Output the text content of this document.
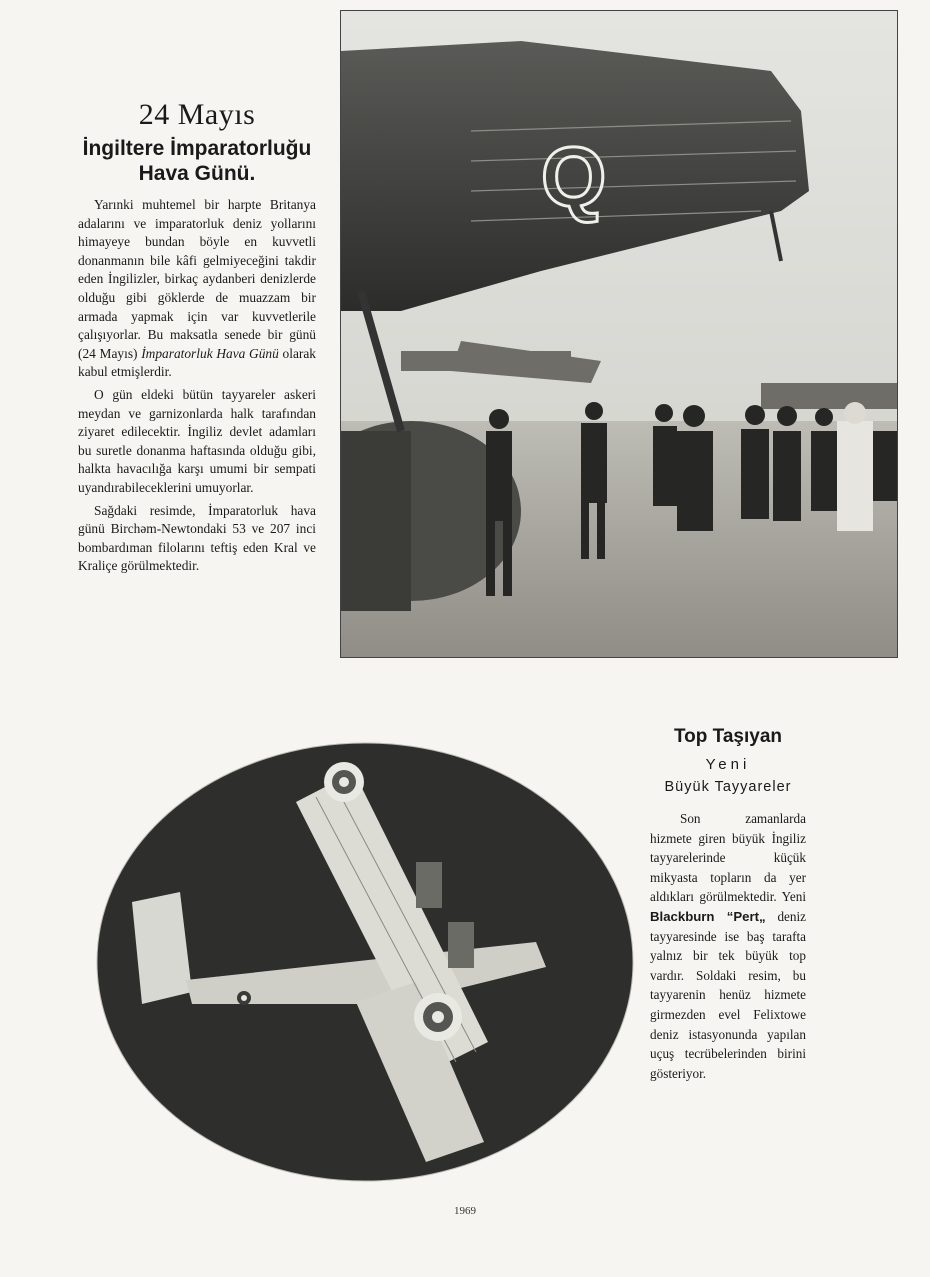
24 Mayıs
İngiltere İmparatorluğu Hava Günü.

Yarınki muhtemel bir harpte Britanya adalarını ve imparatorluk deniz yollarını himayeye bundan böyle en kuvvetli donanmanın bile kâfi gelmiyeceğini takdir eden İngilizler, birkaç aydanberi denizlerde olduğu gibi göklerde de muazzam bir armada yapmak için var kuvvetlerile çalışıyorlar. Bu maksatla senede bir günü (24 Mayıs) İmparatorluk Hava Günü olarak kabul etmişlerdir.

O gün eldeki bütün tayyareler askeri meydan ve garnizonlarda halk tarafından ziyaret edilecektir. İngiliz devlet adamları bu suretle donanma haftasında olduğu gibi, halkta havacılığa karşı umumi bir sempati uyandırabileceklerini umuyorlar.

Sağdaki resimde, İmparatorluk hava günü Birchəm-Newtondaki 53 ve 207 inci bombardıman filolarını teftiş eden Kral ve Kraliçe görülmektedir.

Q
Top Taşıyan
Yeni
Büyük Tayyareler

Son zamanlarda hizmete giren büyük İngiliz tayyarelerinde küçük mikyasta topların da yer aldıkları görülmektedir. Yeni Blackburn “Pert„ deniz tayyaresinde ise baş tarafta yalnız bir tek büyük top vardır. Soldaki resim, bu tayyarenin henüz hizmete girmezden evel Felixtowe deniz istasyonunda yapılan uçuş tecrübelerinden birini gösteriyor.

1969
